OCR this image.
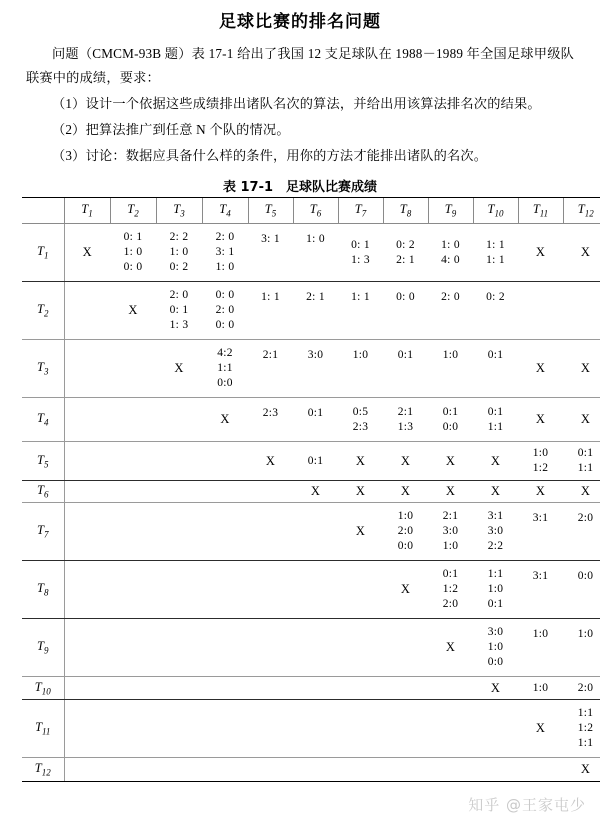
足球比赛的排名问题

问题（CMCM-93B 题）表 17-1 给出了我国 12 支足球队在 1988－1989 年全国足球甲级队联赛中的成绩，要求：

（1）设计一个依据这些成绩排出诸队名次的算法，并给出用该算法排名次的结果。

（2）把算法推广到任意 N 个队的情况。

（3）讨论：数据应具备什么样的条件，用你的方法才能排出诸队的名次。

表 17-1　足球队比赛成绩
	$T_1$	$T_2$	$T_3$	$T_4$	$T_5$	$T_6$	$T_7$	$T_8$	$T_9$	$T_{10}$	$T_{11}$	$T_{12}$
$T_1$	X	0: 1
1: 0
0: 0	2: 2
1: 0
0: 2	2: 0
3: 1
1: 0	3: 1	1: 0	0: 1
1: 3	0: 2
2: 1	1: 0
4: 0	1: 1
1: 1	X	X

$T_2$		X	2: 0
0: 1
1: 3	0: 0
2: 0
0: 0	1: 1	2: 1	1: 1	0: 0	2: 0	0: 2		

$T_3$			X	4:2
1:1
0:0	2:1	3:0	1:0	0:1	1:0	0:1	X	X

$T_4$				X	2:3	0:1	0:5
2:3	2:1
1:3	0:1
0:0	0:1
1:1	X	X

$T_5$					X	0:1	X	X	X	X	1:0
1:2	0:1
1:1

$T_6$						X	X	X	X	X	X	X

$T_7$							X	1:0
2:0
0:0	2:1
3:0
1:0	3:1
3:0
2:2	3:1	2:0

$T_8$								X	0:1
1:2
2:0	1:1
1:0
0:1	3:1	0:0

$T_9$									X	3:0
1:0
0:0	1:0	1:0

$T_{10}$										X	1:0	2:0

$T_{11}$											X	1:1
1:2
1:1

$T_{12}$												X
知乎 @王家屯少
